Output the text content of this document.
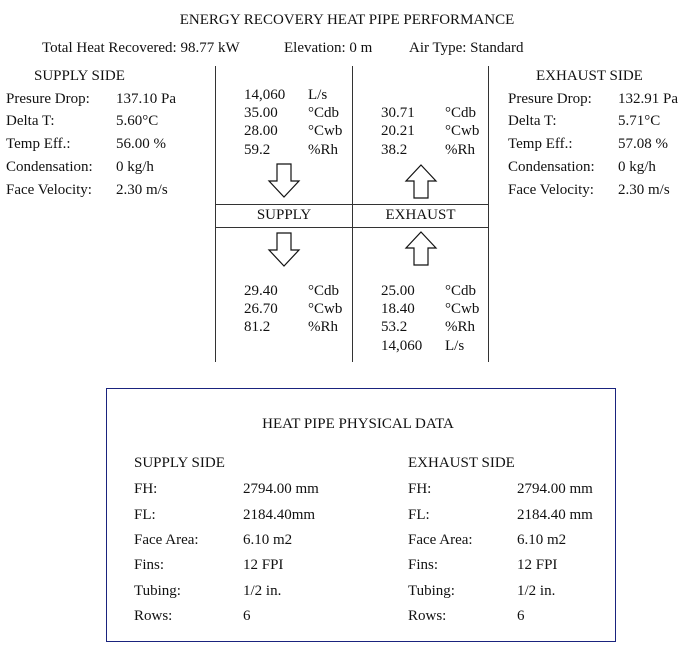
ENERGY RECOVERY HEAT PIPE PERFORMANCE
Total Heat Recovered: 98.77 kW	Elevation: 0 m Air Type: Standard
SUPPLY SIDE
Presure Drop: 137.10 Pa
Delta T:	5.60°C
Temp Eff.:	56.00 %
Condensation: 0 kg/h
Face Velocity: 2.30 m/s
EXHAUST SIDE
Presure Drop: 132.91 Pa
Delta T:	5.71°C
Temp Eff.:	57.08 %
Condensation: 0 kg/h
Face Velocity: 2.30 m/s
SUPPLY	EXHAUST
14,060 L/s
35.00 °Cdb
28.00 °Cwb
59.2	%Rh
30.71 °Cdb
20.21 °Cwb
38.2	%Rh
29.40 °Cdb
26.70 °Cwb
81.2	%Rh
25.00 °Cdb
18.40 °Cwb
53.2	%Rh
14,060 L/s
HEAT PIPE PHYSICAL DATA
SUPPLY SIDE	EXHAUST SIDE
FH:	2794.00 mm
FL:	2184.40mm
Face Area:	6.10 m2
Fins:	12 FPI
Tubing:	1/2 in.
Rows:	6
FH:	2794.00 mm
FL:	2184.40 mm
Face Area:	6.10 m2
Fins:	12 FPI
Tubing:	1/2 in.
Rows:	6
